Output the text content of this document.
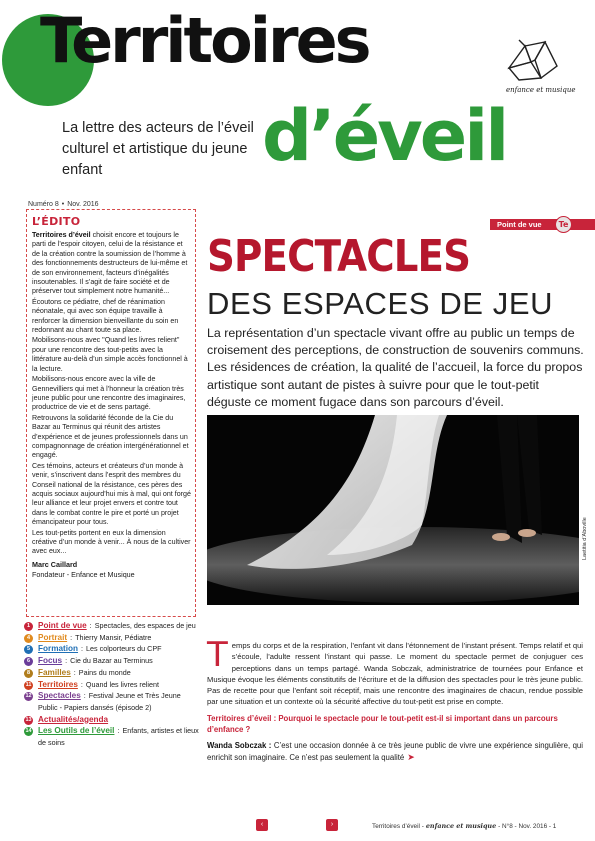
Territoires
d’éveil
La lettre des acteurs de l’éveil culturel et artistique du jeune enfant
enfance et musique
Numéro 8 • Nov. 2016
L’ÉDITO

Territoires d’éveil choisit encore et toujours le parti de l’espoir citoyen, celui de la résistance et de la création contre la soumission de l’homme à des fonctionnements destructeurs de lui-même et de son environnement, facteurs d’inégalités insoutenables. Il s’agit de faire société et de préserver tout simplement notre humanité...

Écoutons ce pédiatre, chef de réanimation néonatale, qui avec son équipe travaille à renforcer la dimension bienveillante du soin en redonnant au chant toute sa place.

Mobilisons-nous avec "Quand les livres relient" pour une rencontre des tout-petits avec la littérature au-delà d’un simple accès fonctionnel à la lecture.

Mobilisons-nous encore avec la ville de Gennevilliers qui met à l’honneur la création très jeune public pour une rencontre des imaginaires, productrice de vie et de sens partagé.

Retrouvons la solidarité féconde de la Cie du Bazar au Terminus qui réunit des artistes d’expérience et de jeunes professionnels dans un compagnonnage de création intergénérationnel et engagé.

Ces témoins, acteurs et créateurs d’un monde à venir, s’inscrivent dans l’esprit des membres du Conseil national de la résistance, ces pères des acquis sociaux aujourd’hui mis à mal, qui ont forgé leur alliance et leur projet envers et contre tout dans le combat contre le pire et porté un projet émancipateur pour tous.

Les tout-petits portent en eux la dimension créative d’un monde à venir... À nous de la cultiver avec eux...

Marc Caillard
Fondateur - Enfance et Musique
1 Point de vue : Spectacles, des espaces de jeu
4 Portrait : Thierry Mansir, Pédiatre
5 Formation : Les colporteurs du CPF
6 Focus : Cie du Bazar au Terminus
8 Familles : Pains du monde
11 Territoires : Quand les livres relient
12 Spectacles : Festival Jeune et Très Jeune Public - Papiers dansés (épisode 2)
13 Actualités/agenda
14 Les Outils de l’éveil : Enfants, artistes et lieux de soins
Point de vue	Te
SPECTACLES
DES ESPACES DE JEU
La représentation d’un spectacle vivant offre au public un temps de croisement des perceptions, de construction de souvenirs communs. Les résidences de création, la qualité de l’accueil, la force du propos artistique sont autant de pistes à suivre pour que le tout-petit déguste ce moment fugace dans son parcours d’éveil.
Laetitia d’Aboville

Temps du corps et de la respiration, l’enfant vit dans l’étonnement de l’instant présent. Temps relatif et qui s’écoule, l’adulte ressent l’instant qui passe. Le moment du spectacle permet de conjuguer ces perceptions dans un temps partagé. Wanda Sobczak, administratrice de tournées pour Enfance et Musique évoque les éléments constitutifs de l’écriture et de la diffusion des spectacles pour le très jeune public. Pas de recette pour que l’enfant soit réceptif, mais une rencontre des imaginaires de chacun, rendue possible par une situation et un contexte où la sécurité affective du tout-petit est prise en compte.

Territoires d’éveil : Pourquoi le spectacle pour le tout-petit est-il si important dans un parcours d’enfance ?

Wanda Sobczak : C’est une occasion donnée à ce très jeune public de vivre une expérience singulière, qui enrichit son imaginaire. Ce n’est pas seulement la qualité ➤

‹	›	Territoires d’éveil - enfance et musique - N°8 - Nov. 2016 - 1
